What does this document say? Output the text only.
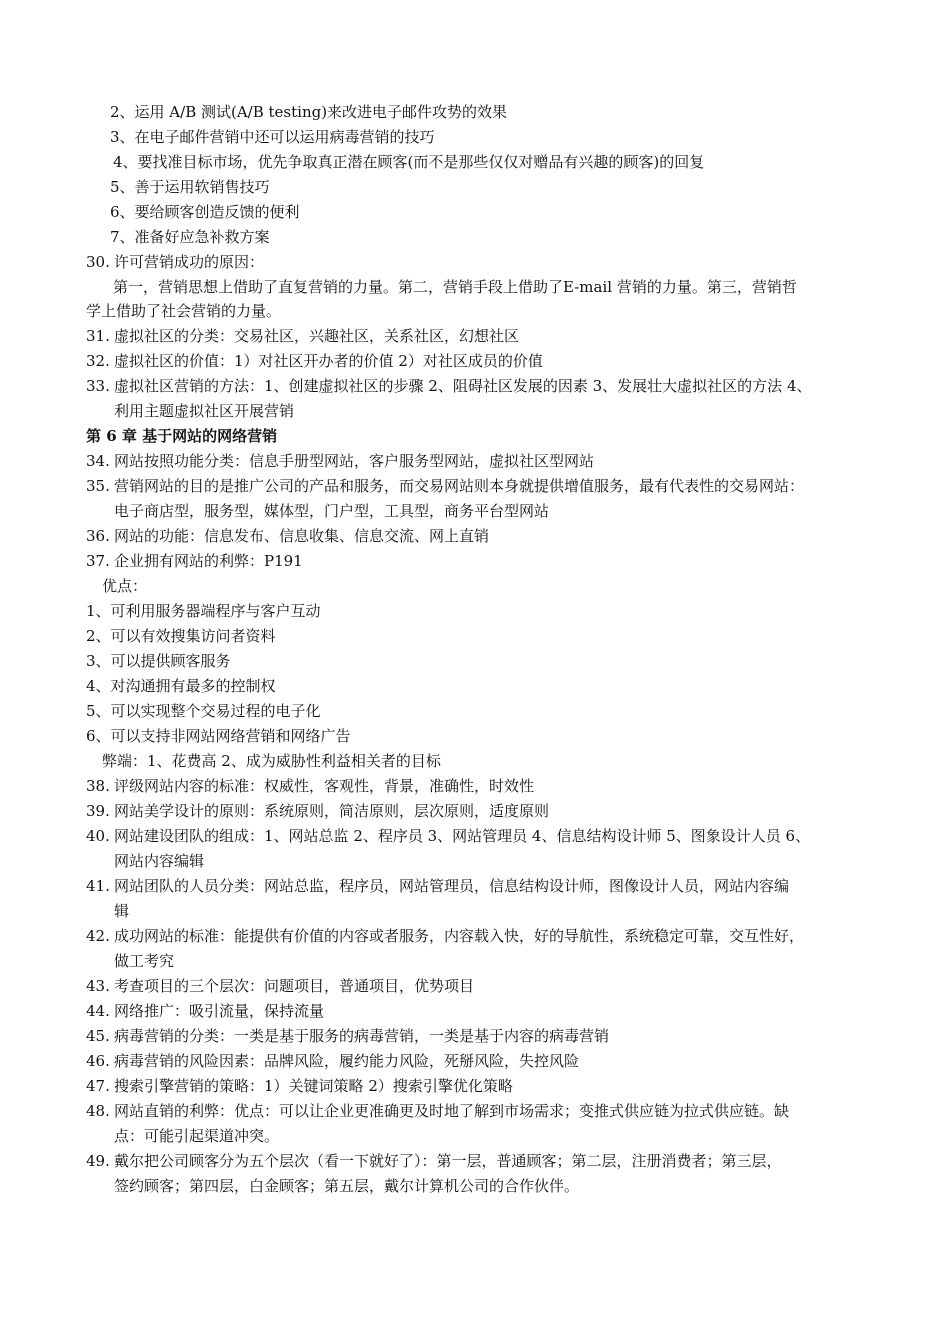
2、运用 A/B 测试(A/B testing)来改进电子邮件攻势的效果
3、在电子邮件营销中还可以运用病毒营销的技巧
4、要找准目标市场，优先争取真正潜在顾客(而不是那些仅仅对赠品有兴趣的顾客)的回复
5、善于运用软销售技巧
6、要给顾客创造反馈的便利
7、准备好应急补救方案
30. 许可营销成功的原因：
第一，营销思想上借助了直复营销的力量。第二，营销手段上借助了E-mail 营销的力量。第三，营销哲
学上借助了社会营销的力量。
31. 虚拟社区的分类：交易社区，兴趣社区，关系社区，幻想社区
32. 虚拟社区的价值：1）对社区开办者的价值 2）对社区成员的价值
33. 虚拟社区营销的方法：1、创建虚拟社区的步骤 2、阻碍社区发展的因素 3、发展壮大虚拟社区的方法 4、
利用主题虚拟社区开展营销
第 6 章 基于网站的网络营销
34. 网站按照功能分类：信息手册型网站，客户服务型网站，虚拟社区型网站
35. 营销网站的目的是推广公司的产品和服务，而交易网站则本身就提供增值服务，最有代表性的交易网站：
电子商店型，服务型，媒体型，门户型，工具型，商务平台型网站
36. 网站的功能：信息发布、信息收集、信息交流、网上直销
37. 企业拥有网站的利弊：P191
优点：
1、可利用服务器端程序与客户互动
2、可以有效搜集访问者资料
3、可以提供顾客服务
4、对沟通拥有最多的控制权
5、可以实现整个交易过程的电子化
6、可以支持非网站网络营销和网络广告
弊端：1、花费高 2、成为威胁性利益相关者的目标
38. 评级网站内容的标准：权威性，客观性，背景，准确性，时效性
39. 网站美学设计的原则：系统原则，简洁原则，层次原则，适度原则
40. 网站建设团队的组成：1、网站总监 2、程序员 3、网站管理员 4、信息结构设计师 5、图象设计人员 6、
网站内容编辑
41. 网站团队的人员分类：网站总监，程序员，网站管理员，信息结构设计师，图像设计人员，网站内容编
辑
42. 成功网站的标准：能提供有价值的内容或者服务，内容载入快，好的导航性，系统稳定可靠，交互性好，
做工考究
43. 考查项目的三个层次：问题项目，普通项目，优势项目
44. 网络推广：吸引流量，保持流量
45. 病毒营销的分类：一类是基于服务的病毒营销，一类是基于内容的病毒营销
46. 病毒营销的风险因素：品牌风险，履约能力风险，死掰风险，失控风险
47. 搜索引擎营销的策略：1）关键词策略 2）搜索引擎优化策略
48. 网站直销的利弊：优点：可以让企业更准确更及时地了解到市场需求；变推式供应链为拉式供应链。缺
点：可能引起渠道冲突。
49. 戴尔把公司顾客分为五个层次（看一下就好了）：第一层，普通顾客；第二层，注册消费者；第三层，
签约顾客；第四层，白金顾客；第五层，戴尔计算机公司的合作伙伴。
